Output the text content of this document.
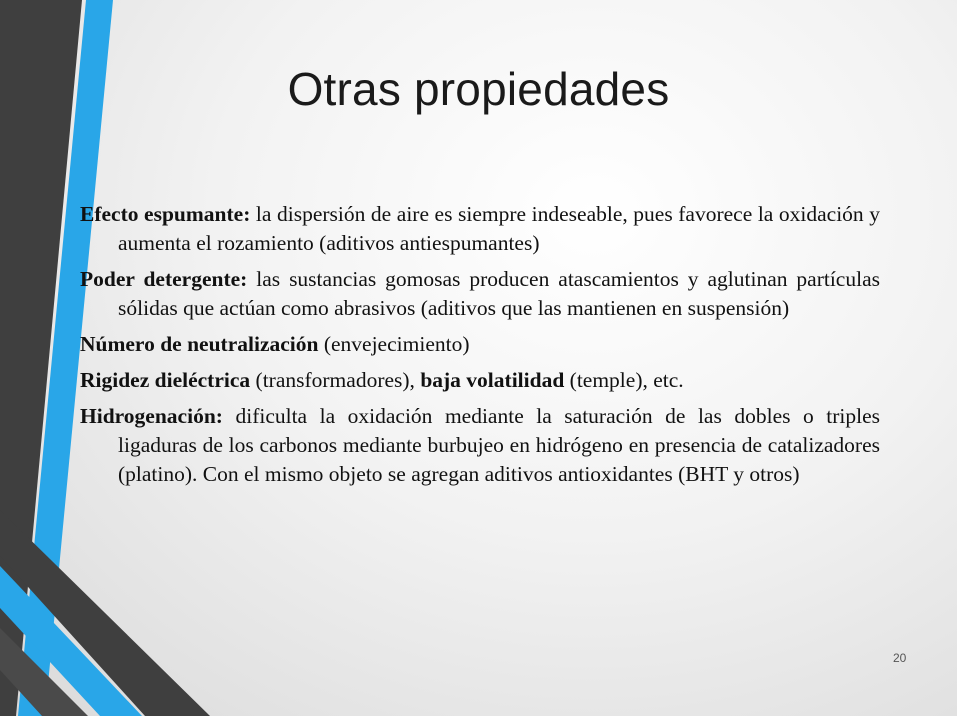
Otras propiedades

Efecto espumante: la dispersión de aire es siempre indeseable, pues favorece la oxidación y aumenta el rozamiento (aditivos antiespumantes)

Poder detergente: las sustancias gomosas producen atascamientos y aglutinan partículas sólidas que actúan como abrasivos (aditivos que las mantienen en suspensión)

Número de neutralización (envejecimiento)

Rigidez dieléctrica (transformadores), baja volatilidad (temple), etc.

Hidrogenación: dificulta la oxidación mediante la saturación de las dobles o triples ligaduras de los carbonos mediante burbujeo en hidrógeno en presencia de catalizadores (platino). Con el mismo objeto se agregan aditivos antioxidantes (BHT y otros)

20
